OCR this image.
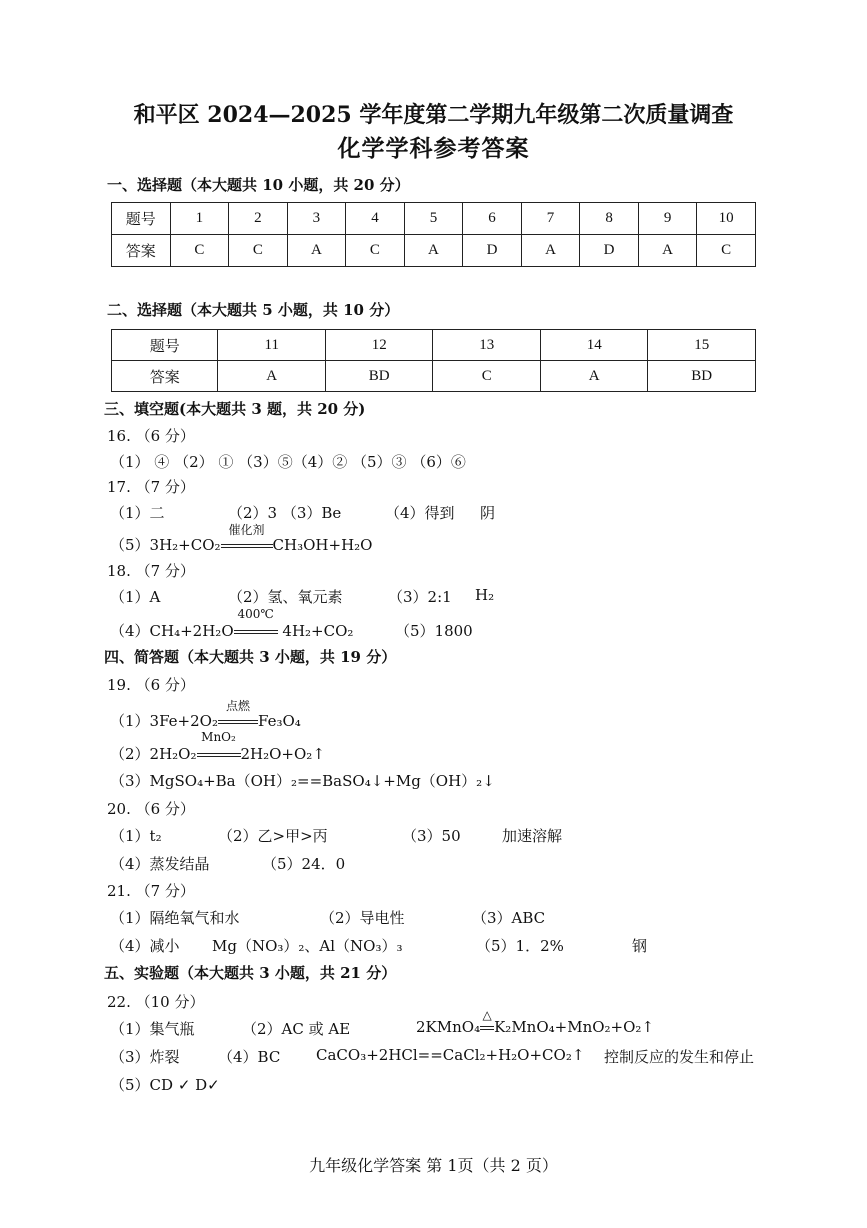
和平区 2024—2025 学年度第二学期九年级第二次质量调查
化学学科参考答案
一、选择题（本大题共 10 小题，共 20 分）
题号	1	2	3	4	5	6	7	8	9	10
答案	C	C	A	C	A	D	A	D	A	C
二、选择题（本大题共 5 小题，共 10 分）
题号	11	12	13	14	15
答案	A	BD	C	A	BD
三、填空题(本大题共 3 题，共 20 分)
16. （6 分）
（1） ④ （2） ① （3）⑤（4）② （5）③ （6）⑥
17. （7 分）
（1）二	（2）3 （3）Be	（4）得到 阴
（5）3H₂+CO₂
催化剂
CH₃OH+H₂O
18. （7 分）
（1）A	（2）氢、氧元素	（3）2:1 H₂
（4）CH₄+2H₂O
400℃
4H₂+CO₂	（5）1800
四、简答题（本大题共 3 小题，共 19 分）
19. （6 分）
（1）3Fe+2O₂
点燃
Fe₃O₄
（2）2H₂O₂
MnO₂
2H₂O+O₂↑
（3）MgSO₄+Ba（OH）₂==BaSO₄↓+Mg（OH）₂↓
20. （6 分）
（1）t₂	（2）乙>甲>丙	（3）50	加速溶解
（4）蒸发结晶	（5）24．0
21. （7 分）
（1）隔绝氧气和水	（2）导电性	（3）ABC
（4）减小 Mg（NO₃）₂、Al（NO₃）₃	（5）1．2%	钢
五、实验题（本大题共 3 小题，共 21 分）
22. （10 分）
（1）集气瓶	（2）AC 或 AE	2KMnO₄
△
K₂MnO₄+MnO₂+O₂↑
（3）炸裂	（4）BC CaCO₃+2HCl==CaCl₂+H₂O+CO₂↑ 控制反应的发生和停止
（5）CD ✓ D✓
九年级化学答案 第 1页（共 2 页）
